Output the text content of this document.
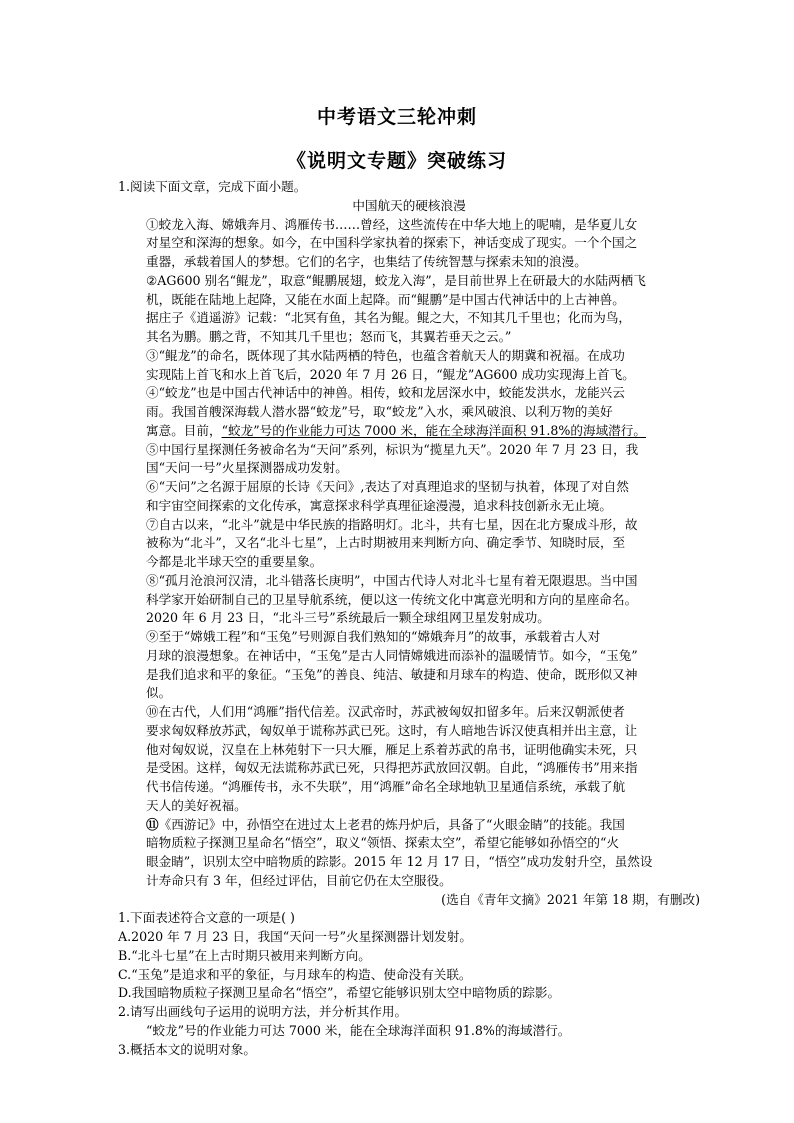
中考语文三轮冲刺
《说明文专题》突破练习

1.阅读下面文章，完成下面小题。

中国航天的硬核浪漫

①蛟龙入海、嫦娥奔月、鸿雁传书……曾经，这些流传在中华大地上的呢喃，是华夏儿女

对星空和深海的想象。如今，在中国科学家执着的探索下，神话变成了现实。一个个国之

重器，承载着国人的梦想。它们的名字，也集结了传统智慧与探索未知的浪漫。

②AG600 别名“鲲龙”，取意“鲲鹏展翅，蛟龙入海”，是目前世界上在研最大的水陆两栖飞

机，既能在陆地上起降，又能在水面上起降。而“鲲鹏”是中国古代神话中的上古神兽。

据庄子《逍遥游》记载：“北冥有鱼，其名为鲲。鲲之大，不知其几千里也；化而为鸟，

其名为鹏。鹏之背，不知其几千里也；怒而飞，其翼若垂天之云。”

③“鲲龙”的命名，既体现了其水陆两栖的特色，也蕴含着航天人的期冀和祝福。在成功

实现陆上首飞和水上首飞后，2020 年 7 月 26 日，“鲲龙”AG600 成功实现海上首飞。

④“蛟龙”也是中国古代神话中的神兽。相传，蛟和龙居深水中，蛟能发洪水，龙能兴云

雨。我国首艘深海载人潜水器“蛟龙”号，取“蛟龙”入水，乘风破浪、以利万物的美好

寓意。目前，“蛟龙”号的作业能力可达 7000 米，能在全球海洋面积 91.8%的海域潜行。

⑤中国行星探测任务被命名为“天问”系列，标识为“揽星九天”。2020 年 7 月 23 日，我

国“天问一号”火星探测器成功发射。

⑥“天问”之名源于屈原的长诗《天问》,表达了对真理追求的坚韧与执着，体现了对自然

和宇宙空间探索的文化传承，寓意探求科学真理征途漫漫，追求科技创新永无止境。

⑦自古以来，“北斗”就是中华民族的指路明灯。北斗，共有七星，因在北方聚成斗形，故

被称为“北斗”，又名“北斗七星”，上古时期被用来判断方向、确定季节、知晓时辰，至

今都是北半球天空的重要星象。

⑧“孤月沧浪河汉清，北斗错落长庚明”，中国古代诗人对北斗七星有着无限遐思。当中国

科学家开始研制自己的卫星导航系统，便以这一传统文化中寓意光明和方向的星座命名。

2020 年 6 月 23 日，“北斗三号”系统最后一颗全球组网卫星发射成功。

⑨至于“嫦娥工程”和“玉兔”号则源自我们熟知的“嫦娥奔月”的故事，承载着古人对

月球的浪漫想象。在神话中，“玉兔”是古人同情嫦娥进而添补的温暖情节。如今，“玉兔”

是我们追求和平的象征。“玉兔”的善良、纯洁、敏捷和月球车的构造、使命，既形似又神

似。

⑩在古代，人们用“鸿雁”指代信差。汉武帝时，苏武被匈奴扣留多年。后来汉朝派使者

要求匈奴释放苏武，匈奴单于谎称苏武已死。这时，有人暗地告诉汉使真相并出主意，让

他对匈奴说，汉皇在上林苑射下一只大雁，雁足上系着苏武的帛书，证明他确实未死，只

是受困。这样，匈奴无法谎称苏武已死，只得把苏武放回汉朝。自此，“鸿雁传书”用来指

代书信传递。“鸿雁传书，永不失联”，用“鸿雁”命名全球地轨卫星通信系统，承载了航

天人的美好祝福。

⑪《西游记》中，孙悟空在进过太上老君的炼丹炉后，具备了“火眼金睛”的技能。我国

暗物质粒子探测卫星命名“悟空”，取义“领悟、探索太空”，希望它能够如孙悟空的“火

眼金睛”，识别太空中暗物质的踪影。2015 年 12 月 17 日，“悟空”成功发射升空，虽然设

计寿命只有 3 年，但经过评估，目前它仍在太空服役。

(选自《青年文摘》2021 年第 18 期，有删改)

1.下面表述符合文意的一项是( )

A.2020 年 7 月 23 日，我国“天问一号”火星探测器计划发射。

B.“北斗七星”在上古时期只被用来判断方向。

C.“玉兔”是追求和平的象征，与月球车的构造、使命没有关联。

D.我国暗物质粒子探测卫星命名“悟空”，希望它能够识别太空中暗物质的踪影。

2.请写出画线句子运用的说明方法，并分析其作用。

“蛟龙”号的作业能力可达 7000 米，能在全球海洋面积 91.8%的海域潜行。

3.概括本文的说明对象。
